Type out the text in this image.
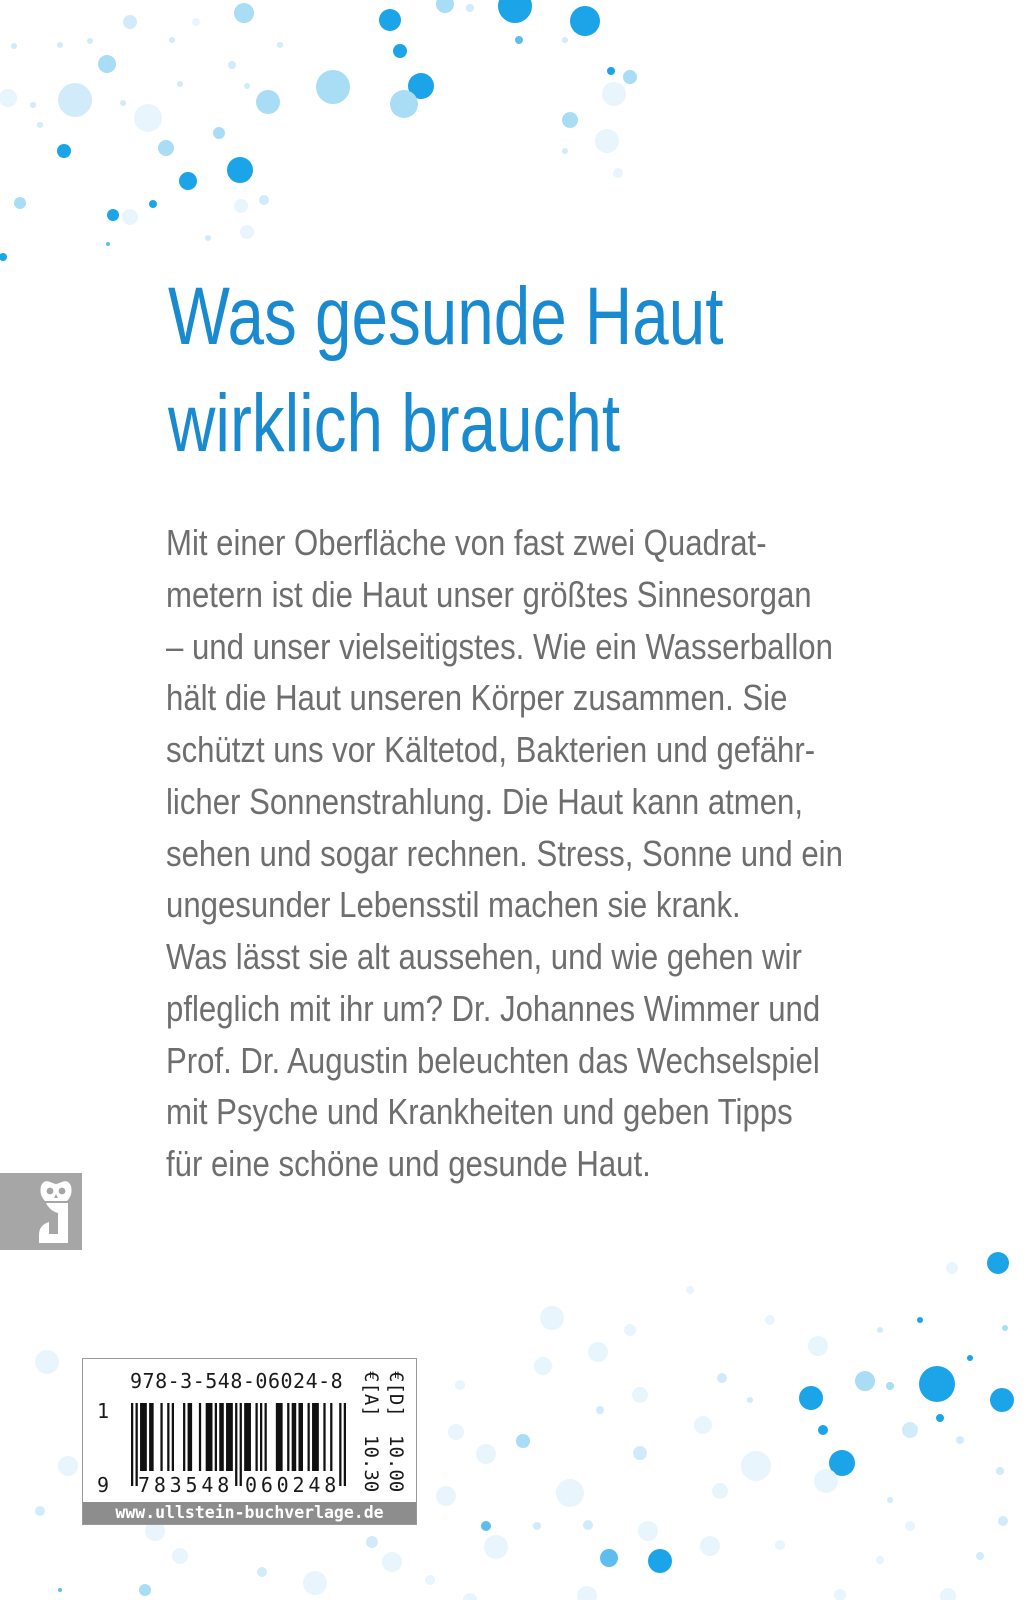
Was gesunde Haut
wirklich braucht
Mit einer Oberfläche von fast zwei Quadrat-
metern ist die Haut unser größtes Sinnesorgan
– und unser vielseitigstes. Wie ein Wasserballon
hält die Haut unseren Körper zusammen. Sie
schützt uns vor Kältetod, Bakterien und gefähr-
licher Sonnenstrahlung. Die Haut kann atmen,
sehen und sogar rechnen. Stress, Sonne und ein
ungesunder Lebensstil machen sie krank.
Was lässt sie alt aussehen, und wie gehen wir
pfleglich mit ihr um? Dr. Johannes Wimmer und
Prof. Dr. Augustin beleuchten das Wechselspiel
mit Psyche und Krankheiten und geben Tipps
für eine schöne und gesunde Haut.
978-3-548-06024-8
1
9 783548 060248
€[D]10.00
€[A]10.30
www.ullstein-buchverlage.de
